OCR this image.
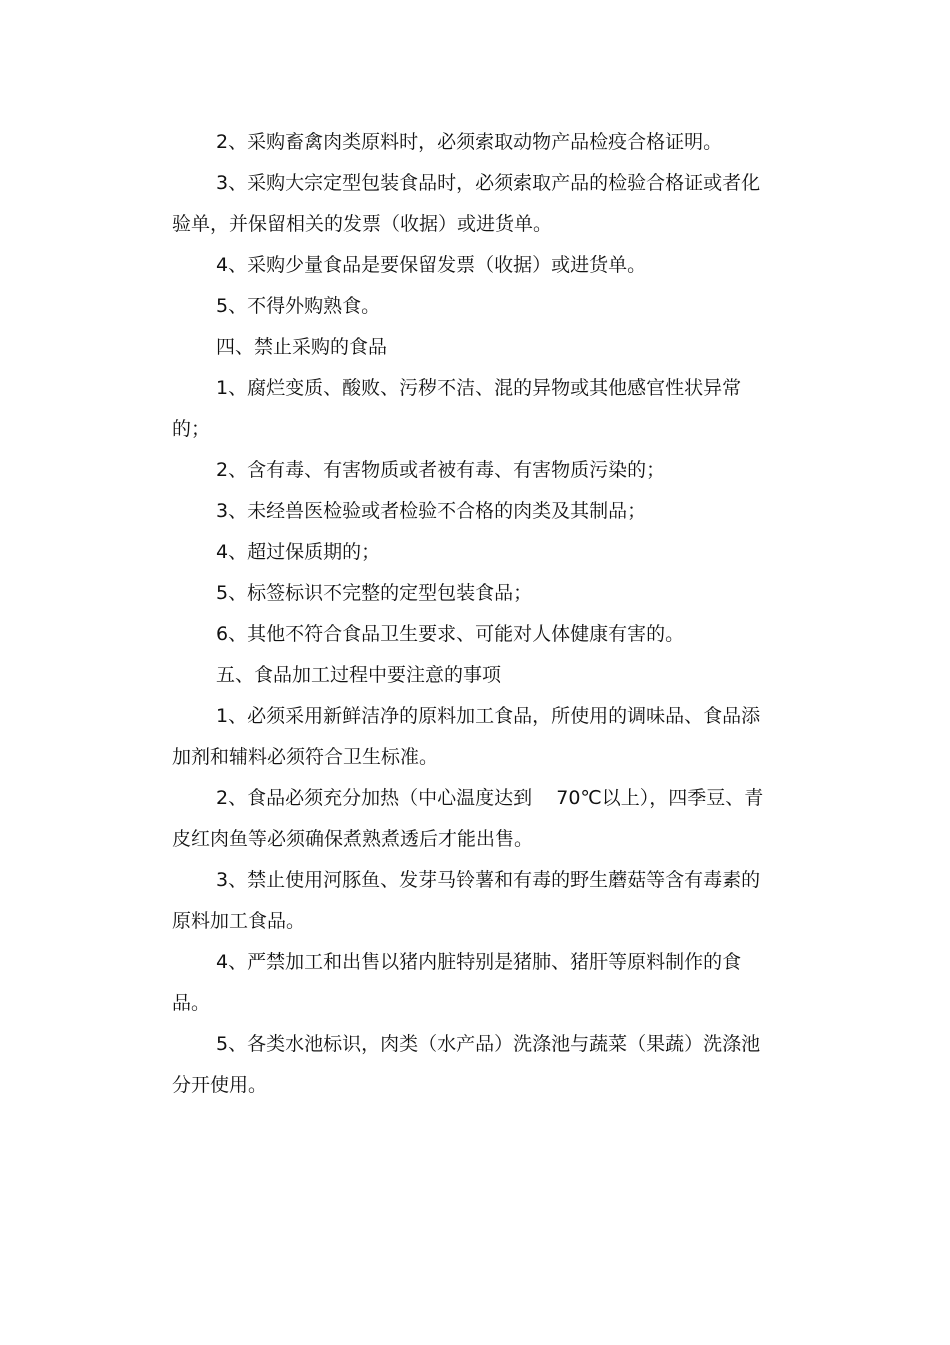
2、采购畜禽肉类原料时，必须索取动物产品检疫合格证明。

3、采购大宗定型包装食品时，必须索取产品的检验合格证或者化验单，并保留相关的发票（收据）或进货单。

4、采购少量食品是要保留发票（收据）或进货单。

5、不得外购熟食。

四、禁止采购的食品

1、腐烂变质、酸败、污秽不洁、混的异物或其他感官性状异常的；

2、含有毒、有害物质或者被有毒、有害物质污染的；

3、未经兽医检验或者检验不合格的肉类及其制品；

4、超过保质期的；

5、标签标识不完整的定型包装食品；

6、其他不符合食品卫生要求、可能对人体健康有害的。

五、食品加工过程中要注意的事项

1、必须采用新鲜洁净的原料加工食品，所使用的调味品、食品添加剂和辅料必须符合卫生标准。

2、食品必须充分加热（中心温度达到    70℃以上），四季豆、青皮红肉鱼等必须确保煮熟煮透后才能出售。

3、禁止使用河豚鱼、发芽马铃薯和有毒的野生蘑菇等含有毒素的原料加工食品。

4、严禁加工和出售以猪内脏特别是猪肺、猪肝等原料制作的食品。

5、各类水池标识，肉类（水产品）洗涤池与蔬菜（果蔬）洗涤池分开使用。
